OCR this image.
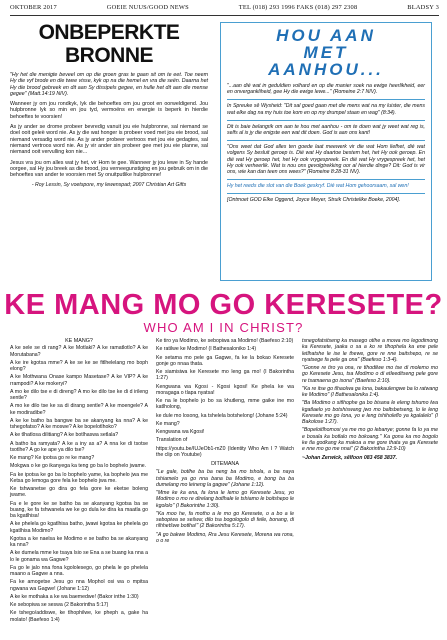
OKTOBER 2017	GOEIE NUUS/GOOD NEWS	TEL (018) 293 1996 FAKS (018) 297 2308	BLADSY 3
ONBEPERKTE
BRONNE

"Hy het die menigte beveel om op die groen gras te gaan sit om te eet. Toe neem Hy die vyf brode en die twee visse, kyk op na die hemel en vra die seën. Daarna het Hy die brood gebreek en dit aan Sy dissipels gegee, en hulle het dit aan die mense gegee" (Matt.14:19 NIV).

Wanneer jy om jou rondkyk, lyk die behoeftes om jou groot en oorweldigend. Jou hulpbronne lyk so min en jou tyd, vermoëns en energie is beperk in hierdie behoeftes te voorsien!

As jy ander se drome probeer bevredig vanuit jou eie hulpbronne, sal niemand se doel ooit geleë word nie. As jy die wat honger is probeer voed met jou eie brood, sal niemand versadig word nie. As jy ander probeer vertroos met jou eie gedagtes, sal niemand vertroos word nie. As jy vir ander sin probeer gee met jou eie planne, sal niemand ooit vervulling kon nie...

Jesus vra jou om alles wat jy het, vir Hom te gee. Wanneer jy jou lewe in Sy hande oorgee, sal Hy jou breek as die brood, jou verneegunstiging en jou gebruik om in die behoeftes van ander te voorsien met Sy onuitputlike hulpbronne!

- Roy Lessin, Sy voetspore, my lewenspad; 2007 Christian Art Gifts

HOU AAN
MET
AANHOU...

"...aan dié wat in geduldien volhard en op die manier soek na ewige heerlikheid, eer en onvergankliheid, gee Hy die ewige lewe..." (Romeine 2:7 NIV).

In Spreuke sê Wysheid: "Dit sal goed gaan met die mens wat na my luister, die mens wat elke dag na my huis toe kom en op my drumpel staan en wag" (8:34).

Dit is baie belangrik om aan te hou met aanhou - om te doen wat jy weet wat reg is, selfs al is jy die enigste een wat dit doen. God is aan ons kant!

"Ons weet dat God alles ten goede laat meewerk vir die wat Hom liefhet, dié wat volgens Sy besluit geroep is. Dié wat Hy daartoe bestem het, het Hy ook geroep. En dié wat Hy geroep het, het Hy ook vrygespreek. En dié wat Hy vrygespreek het, het Hy ook verheerlik. Wat is nou ons gevolgtrekking oor al hierdie dinge? Dit: God is vir ons, wie kan dan teen ons wees?" (Romeine 8:28-31 NV).

Hy het reeds die slot van die Boek geskryf. Dié wat Hom gehoorsaam, sal wen!

[Ontmoet GOD Elke Oggend, Joyce Meyer, Struik Christelike Boeke, 2004].

KE MANG MO GO KERESETE?
WHO AM I IN CHRIST?
KE MANG?

A ke sele se di rang? A ke Motlaki? A ke ramatlotlo? A ke Morutabana?

A ke ire kgotsa mme? A ke se ke se fitlhelelang mo boph elong?

A ke Mothwana Onase kampo Masetase? A ke VIP? A ke rrampodi? A ke mokeryi?

A mo ke dilo tse e di direng? A mo ke dilo tse ke di d irileng sentle?

A mo ke dilo tse ke sa di dirang sentle? A ke moengele? A ke modiradibe?

A ke ke batho ba bangwe ba se akanyang ka nna? A ke tshegofatso? A ke moswe? A ke bopelotlhoko?

A ke tlhatlosa dilitiang? A ke botlhaswa setlala?

A batho ba ramyata? A ke a iny as a? A nna ke di tsotse tsotlhe? A go ke ape ya dilo tse?

Ke mang? Ke ipotsa go re ke mang?

Mokgwa o ke go ikanyega ka teng go ba lo bophelo jwame.

Fa ke ipotsa ke go ba lo bophelo yame, ka bophelo jwa me Ketsa go lemoga gore fela ke bophelo jwa me.

Ke tshwanetse go dira go fela gore ke eketse boleng jwame.

Fa e le gore ke se batho ba se akanyang kgotsa ba se buang, ke fa tshwanela we ke go dula ke dira ka maatla go ba kgatlhisa!

A ke phelela go kgatlhisa batho, jwawi kgotsa ke phelela go kgatlhisa Modimo?

Kgotsa a ke naelsa ke Modimo e se batho ba se akanyang ka nna?

A ke dumela mme ke tsaya lsio se Ena a se buang ka nna a lo le gonama wa Gagwe?

Fa go le jalo nna fona kgololesego, go phela le go phelela maano a Gagwe a nna.

Fa ke amogetse Jesu go nna Mophol osi wa o mpitsa ngwana wa Gagwe! (Johane 1:12)

A ke ke mothaka a ke wa baemedwe! (Bakor inthe 1:30)

Ke sebopiwa se seswa (2 Bakorintha 5:17)

Ke tshego/addiswe, ke tlhophilwe, ke pheph a, gake ha molato! (Baefeso 1:4)

Ke tiro ya Modimo, ke sebopiwa sa Modimo! (Baefeso 2:10)

Ke ratilwe ke Modimo! (I Bathesaloniko 1:4)

Ke setama mo pele ga Gagwe, fa ke la bokao Keresete gonje go nnaa thata.

Ke siamisiwa ke Keresete mo leng ga mo! (I Bakorintha 1:27)

Kengwana wa Kgosi - Kgosi kgosi! Ke phela ke wa moragaga o tlapa nyatsa!

Ke na le bophelo jo bo sa khutleng, mme gaike ine mo katlholong,

ke dule mo losong, ka tshelela botshelong! (Johane 5:24)

Ke mang?

Kengwana wa Kgosi!

Translation of

https://youtu.be/IUJeOb1-mZ0 (Identity Who Am I ? Watch the clip on Youtube)

DITEMANA

"Le gale, botlhe ba ba neng ba mo tshola, a ba naya tshiamelo ya go nna bana ba Modimo, e bong ba ba dumelang mo leineng la gagwe" (Johane 1:12).

"Mme ke ka ena, fa lona le lemo go Keresete Jesu, yo Modimo o mo re direlang botlhale le tshiamo le boitshepo le kgololo" (I Bakorinthe 1:30).

"Ka moo he, fa motho a le mo go Keresete, o a bo a le sebopiwa se sešwa; dilo tsa bogologolo di feile, bonang, di rilhhetšwe botlha!" (2 Bakorintha 5:17).

"A go bakwe Modimo, Rra Jesu Keresete, Morena wa rona, o o re

tsnegofatsitseng ka masego otlhe a mowa mo legodimong ka Keresete, jaaka o sa a ko re tlhophela ka ene pele letlhatshe le ise le thewe, gore re nne baitshepo, re se nyatsege fa pele ga ona" (Baefeso 1:3-4).

"Gonne re tiro ya ona, re tlhodilwe mo tse di molemo mo go Keresete Jesu, tsa Modimo o di etleeditseng pele gore re tsamaena go isona" (Baefeso 2:10).

"Ka re itse go tlhaolwa ga lona, bakaulengwe ba lo ratwang ke Modimo" (I Bathesalonika 1:4).

"Ba Modimo o sitlhophe ga bo bisana le eleng tshumo lwa kgatlaelo yo botshiswang jwo mo baltsbetseng, lo le leng Keresete mo go lona, yo e leng tshiholeflo ya kgalalelo" (I Bakolose 1:27).

"Bopeloitlhomosi ya me mo go lebanye; gonne fa lo ya me e bosala ka botlalo mo bokoang." Ka gona ka mo bogolo ke tla godkang ka makoa a me gore thata ya ga Keresete e nne mo go me nnai" (2 Bakorintha 12:9-10)

~Johan Zerwick, sêlfoon 083 458 3837.
